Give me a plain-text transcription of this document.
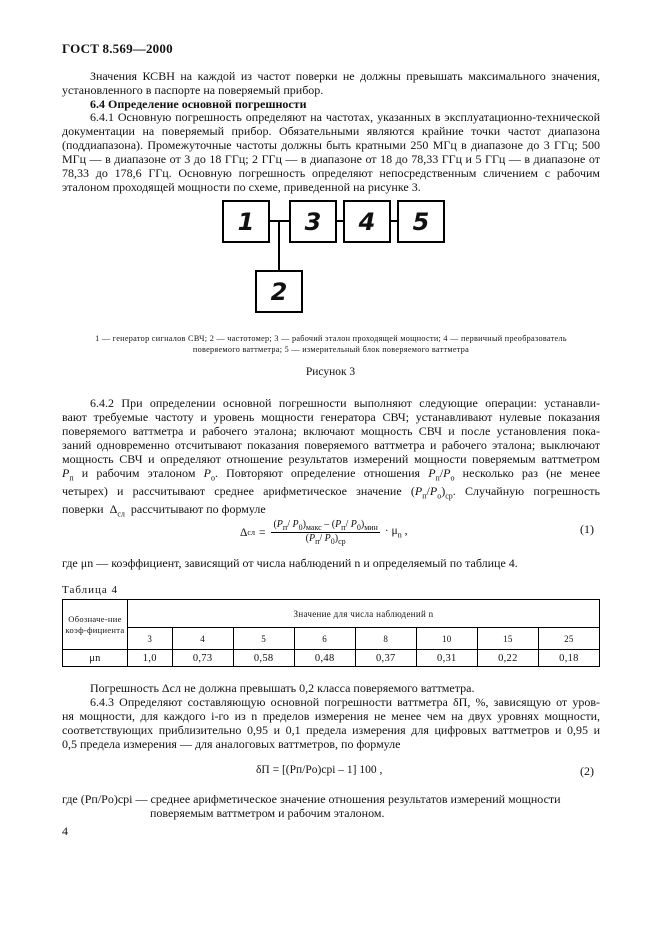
ГОСТ 8.569—2000
Значения КСВН на каждой из частот поверки не должны превышать максимального значения, установленного в паспорте на поверяемый прибор.
6.4 Определение основной погрешности
6.4.1 Основную погрешность определяют на частотах, указанных в эксплуатационно-технической документации на поверяемый прибор. Обязательными являются крайние точки частот диапазона (поддиапазона). Промежуточные частоты должны быть кратными 250 МГц в диапазоне до 3 ГГц; 500 МГц — в диапазоне от 3 до 18 ГГц; 2 ГГц — в диапазоне от 18 до 78,33 ГГц и 5 ГГц — в диапазоне от 78,33 до 178,6 ГГц. Основную погрешность определяют непосредственным сличением с рабочим эталоном проходящей мощности по схеме, приведенной на рисунке 3.
1	3	4	5
2
1 — генератор сигналов СВЧ; 2 — частотомер; 3 — рабочий эталон проходящей мощности; 4 — первичный преобразователь
поверяемого ваттметра; 5 — измерительный блок поверяемого ваттметра
Рисунок 3
6.4.2 При определении основной погрешности выполняют следующие операции: устанавли-
вают требуемые частоту и уровень мощности генератора СВЧ; устанавливают нулевые показания
поверяемого ваттметра и рабочего эталона; включают мощность СВЧ и после установления пока-
заний одновременно отсчитывают показания поверяемого ваттметра и рабочего эталона; выключают
мощность СВЧ и определяют отношение результатов измерений мощности поверяемым ваттметром
$P_п$ и рабочим эталоном $P_о$. Повторяют определение отношения $P_п/P_о$ несколько раз (не менее
четырех) и рассчитывают среднее арифметическое значение $(P_п/P_о)_{ср}$. Случайную погрешность
поверки  $\Delta_{сл}$ рассчитывают по формуле
Δ сл =
($P_п/$ $P_0)_{макс} - (P_п/$ $P_0)_{мин}$
($P_п/$ $P_0)_{ср}$
· $\mu_n$ ,	(1)
где μn — коэффициент, зависящий от числа наблюдений n и определяемый по таблице 4.
Таблица 4
Обозначе-ние коэф-фициента	Значение для числа наблюдений n							
	3	4	5	6	8	10	15	25
μn	1,0	0,73	0,58	0,48	0,37	0,31	0,22	0,18
Погрешность Δсл не должна превышать 0,2 класса поверяемого ваттметра.
6.4.3 Определяют составляющую основной погрешности ваттметра δП, %, зависящую от уров-
ня мощности, для каждого i-го из n пределов измерения не менее чем на двух уровнях мощности,
соответствующих приблизительно 0,95 и 0,1 предела измерения для цифровых ваттметров и 0,95 и
0,5 предела измерения — для аналоговых ваттметров, по формуле
δП = [(Pп/Pо)срi – 1] 100 ,	(2)
где (Pп/Pо)срi — среднее арифметическое значение отношения результатов измерений мощности
поверяемым ваттметром и рабочим эталоном.
4
